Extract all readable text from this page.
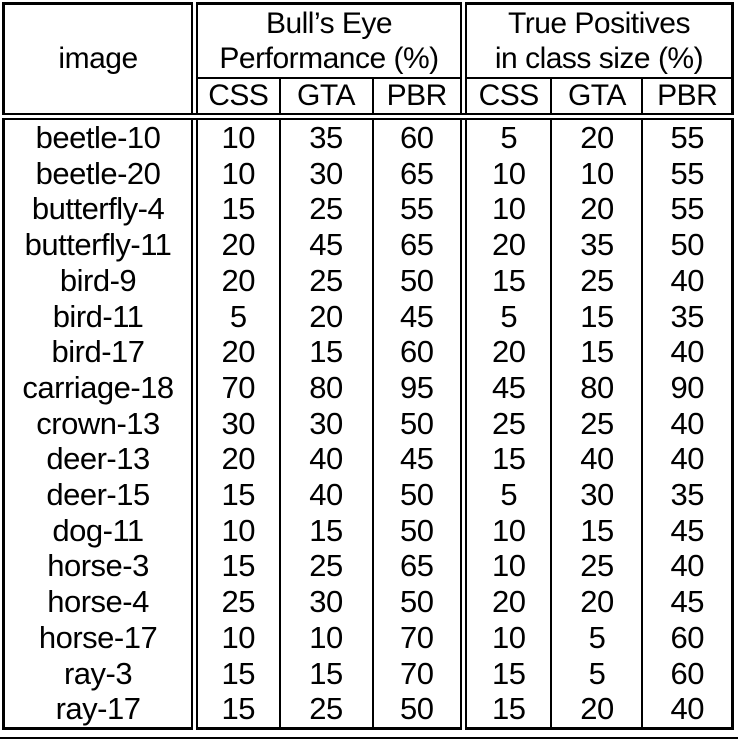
image	
Bull’s Eye
Performance (%)

True Positives
in class size (%)

	CSS	GTA	PBR	CSS	GTA	PBR
beetle-10	10	35	60	5	20	55
beetle-20	10	30	65	10	10	55
butterfly-4	15	25	55	10	20	55
butterfly-11	20	45	65	20	35	50
bird-9	20	25	50	15	25	40
bird-11	5	20	45	5	15	35
bird-17	20	15	60	20	15	40
carriage-18	70	80	95	45	80	90
crown-13	30	30	50	25	25	40
deer-13	20	40	45	15	40	40
deer-15	15	40	50	5	30	35
dog-11	10	15	50	10	15	45
horse-3	15	25	65	10	25	40
horse-4	25	30	50	20	20	45
horse-17	10	10	70	10	5	60
ray-3	15	15	70	15	5	60
ray-17	15	25	50	15	20	40
